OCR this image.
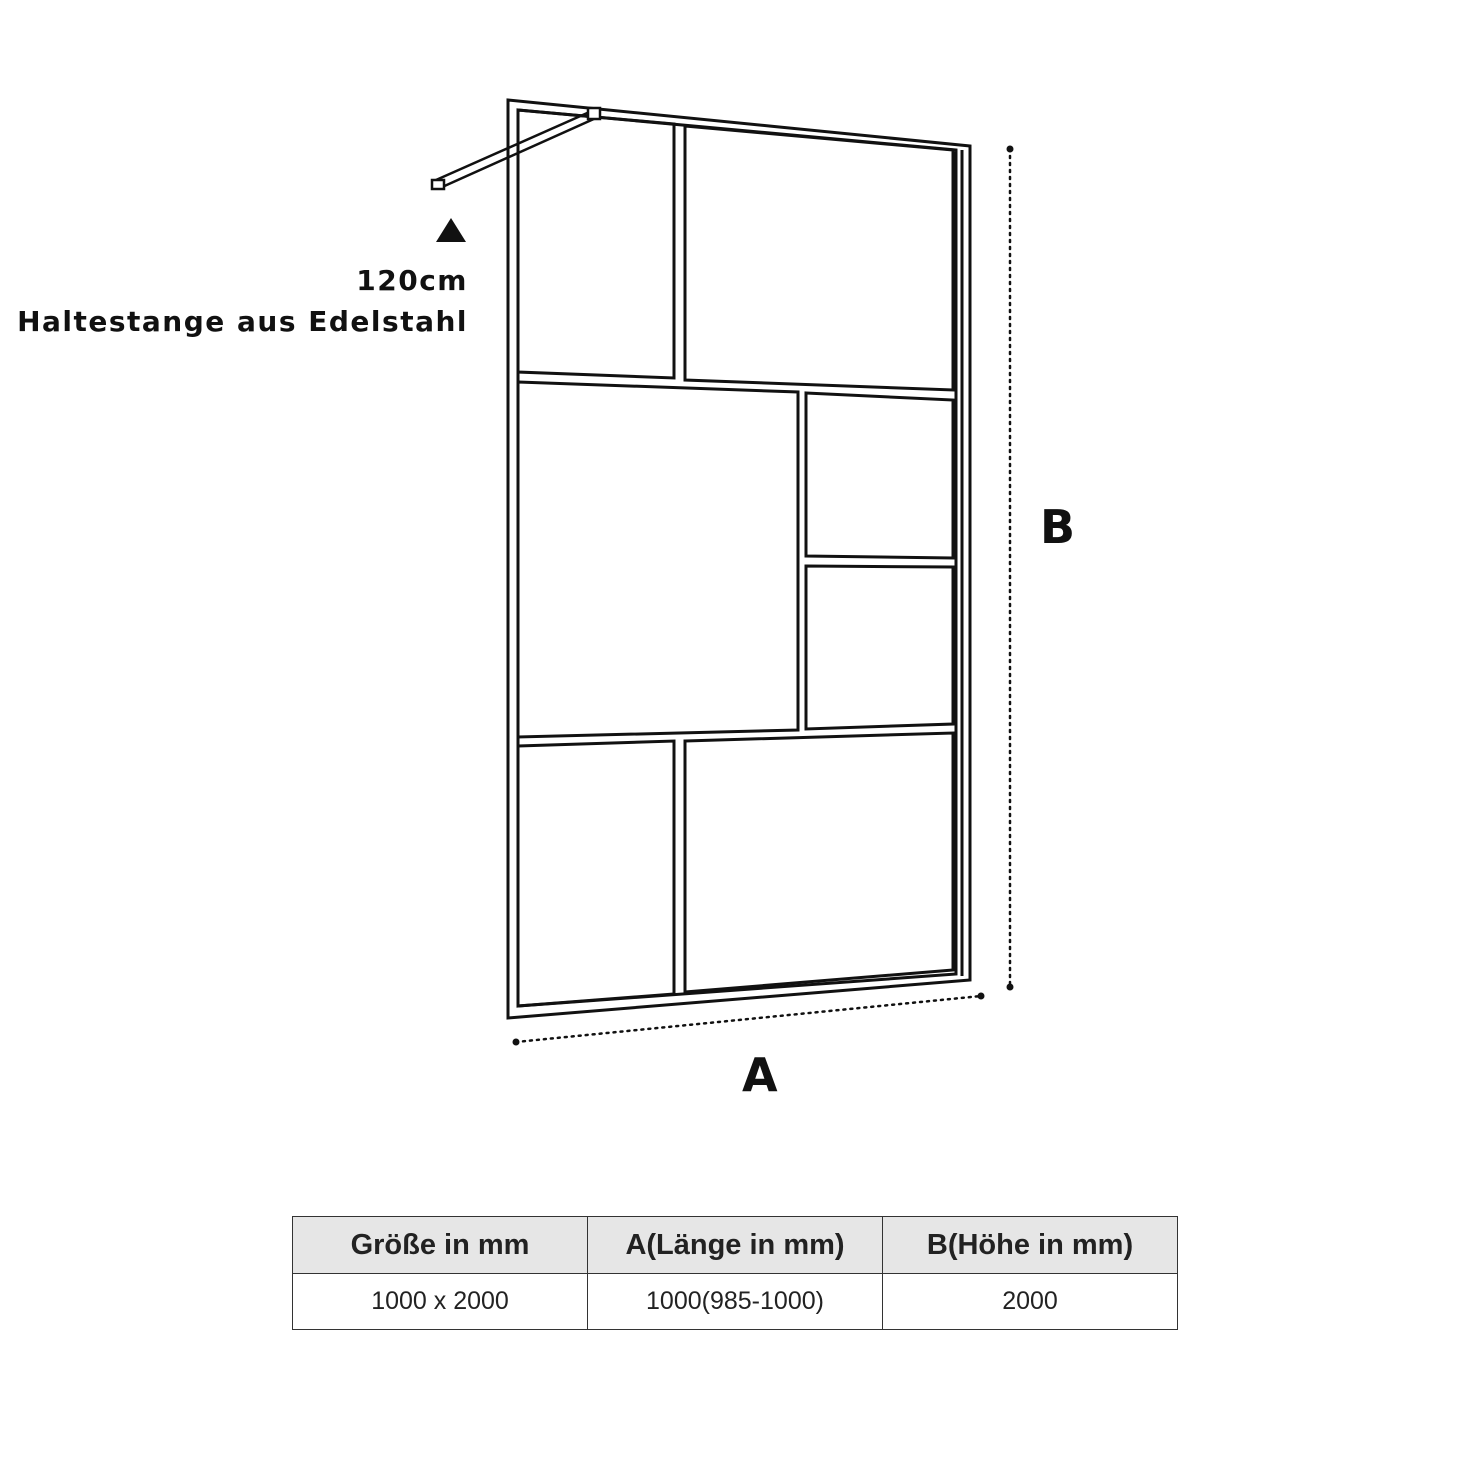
120cm
Haltestange aus Edelstahl
A
B
Größe in mm	A(Länge in mm)	B(Höhe in mm)
1000 x 2000	1000(985-1000)	2000
